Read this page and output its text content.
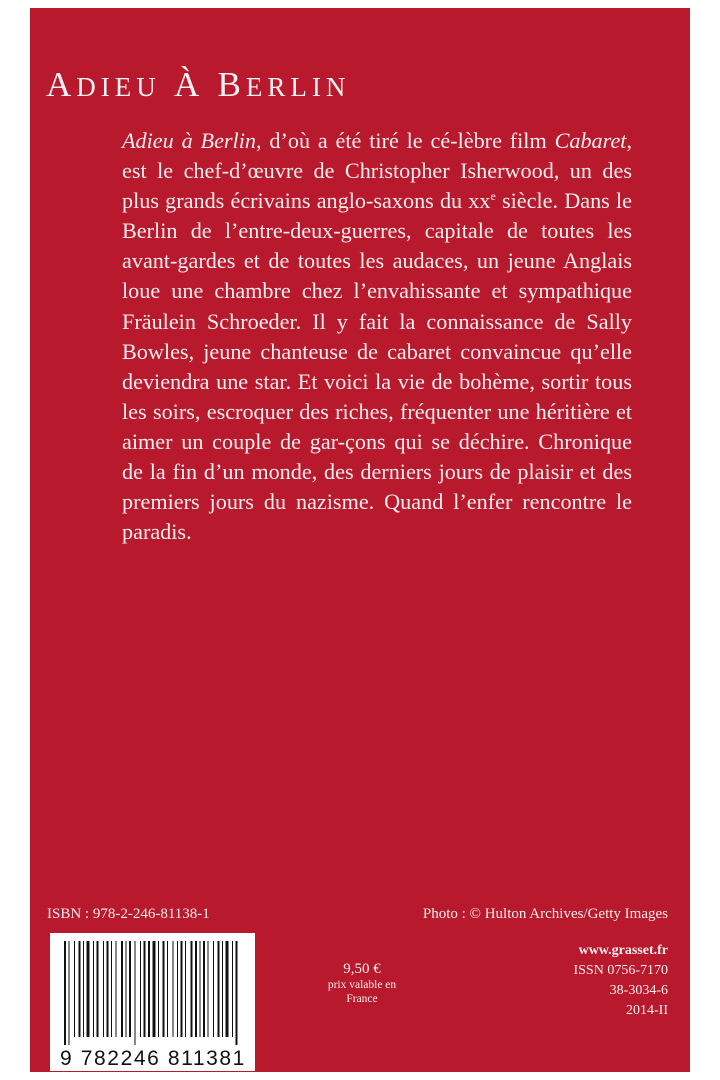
ADIEU À BERLIN
Adieu à Berlin, d’où a été tiré le cé-lèbre film Cabaret, est le chef-d’œuvre de Christopher Isherwood, un des plus grands écrivains anglo-saxons du $xx^e$ siècle. Dans le Berlin de l’entre-deux-guerres, capitale de toutes les avant-gardes et de toutes les audaces, un jeune Anglais loue une chambre chez l’envahissante et sympathique Fräulein Schroeder. Il y fait la connaissance de Sally Bowles, jeune chanteuse de cabaret convaincue qu’elle deviendra une star. Et voici la vie de bohème, sortir tous les soirs, escroquer des riches, fréquenter une héritière et aimer un couple de gar-çons qui se déchire. Chronique de la fin d’un monde, des derniers jours de plaisir et des premiers jours du nazisme. Quand l’enfer rencontre le paradis.
ISBN : 978-2-246-81138-1	Photo : © Hulton Archives/Getty Images
9 782246 811381
9,50 €
prix valable en
France
www.grasset.fr
ISSN 0756-7170
38-3034-6
2014-II
